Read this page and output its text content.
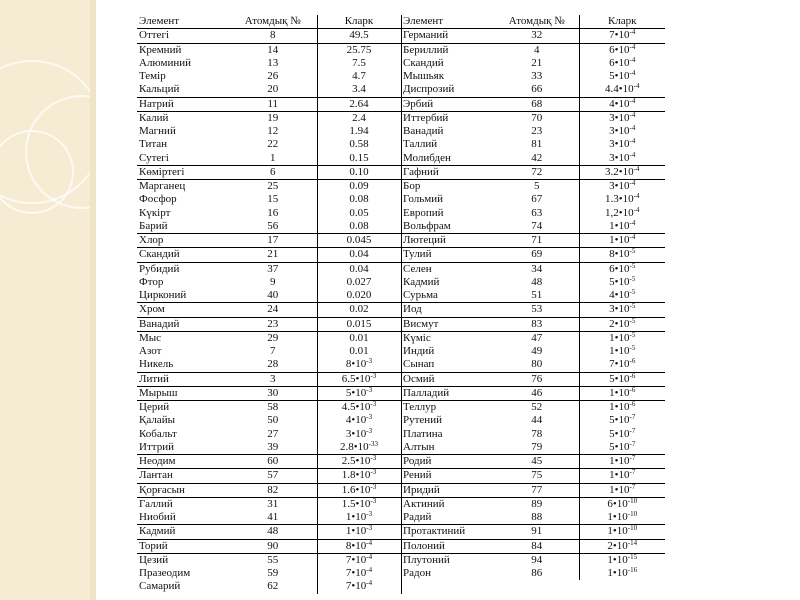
Элемент	Атомдық №	Кларк
Оттегі	8	49.5
Кремний	14	25.75
Алюминий	13	7.5
Темір	26	4.7
Кальций	20	3.4
Натрий	11	2.64
Калий	19	2.4
Магний	12	1.94
Титан	22	0.58
Сутегі	1	0.15
Көміртегі	6	0.10
Марганец	25	0.09
Фосфор	15	0.08
Күкірт	16	0.05
Барий	56	0.08
Хлор	17	0.045
Скандий	21	0.04
Рубидий	37	0.04
Фтор	9	0.027
Цирконий	40	0.020
Хром	24	0.02
Ванадий	23	0.015
Мыс	29	0.01
Азот	7	0.01
Никель	28	$8•10^{-3}$
Литий	3	$6.5•10^{-3}$
Мырыш	30	$5•10^{-3}$
Церий	58	$4.5•10^{-3}$
Қалайы	50	$4•10^{-3}$
Кобальт	27	$3•10^{-3}$
Иттрий	39	$2.8•10^{-33}$
Неодим	60	$2.5•10^{-3}$
Лантан	57	$1.8•10^{-3}$
Қорғасын	82	$1.6•10^{-3}$
Галлий	31	$1.5•10^{-3}$
Ниобий	41	$1•10^{-3}$
Кадмий	48	$1•10^{-3}$
Торий	90	$8•10^{-4}$
Цезий	55	$7•10^{-4}$
Празеодим	59	$7•10^{-4}$
Самарий	62	$7•10^{-4}$
Элемент	Атомдық №	Кларк
Германий	32	$7•10^{-4}$
Бериллий	4	$6•10^{-4}$
Скандий	21	$6•10^{-4}$
Мышьяк	33	$5•10^{-4}$
Диспрозий	66	$4.4•10^{-4}$
Эрбий	68	$4•10^{-4}$
Иттербий	70	$3•10^{-4}$
Ванадий	23	$3•10^{-4}$
Таллий	81	$3•10^{-4}$
Молибден	42	$3•10^{-4}$
Гафний	72	$3.2•10^{-4}$
Бор	5	$3•10^{-4}$
Гольмий	67	$1.3•10^{-4}$
Европий	63	$1,2•10^{-4}$
Вольфрам	74	$1•10^{-4}$
Лютеций	71	$1•10^{-4}$
Тулий	69	$8•10^{-5}$
Селен	34	$6•10^{-5}$
Кадмий	48	$5•10^{-5}$
Сурьма	51	$4•10^{-5}$
Иод	53	$3•10^{-5}$
Висмут	83	$2•10^{-5}$
Күміс	47	$1•10^{-5}$
Индий	49	$1•10^{-5}$
Сынап	80	$7•10^{-6}$
Осмий	76	$5•10^{-6}$
Палладий	46	$1•10^{-6}$
Теллур	52	$1•10^{-6}$
Рутений	44	$5•10^{-7}$
Платина	78	$5•10^{-7}$
Алтын	79	$5•10^{-7}$
Родий	45	$1•10^{-7}$
Рений	75	$1•10^{-7}$
Иридий	77	$1•10^{-7}$
Актиний	89	$6•10^{-10}$
Радий	88	$1•10^{-10}$
Протактиний	91	$1•10^{-10}$
Полоний	84	$2•10^{-14}$
Плутоний	94	$1•10^{-15}$
Радон	86	$1•10^{-16}$
